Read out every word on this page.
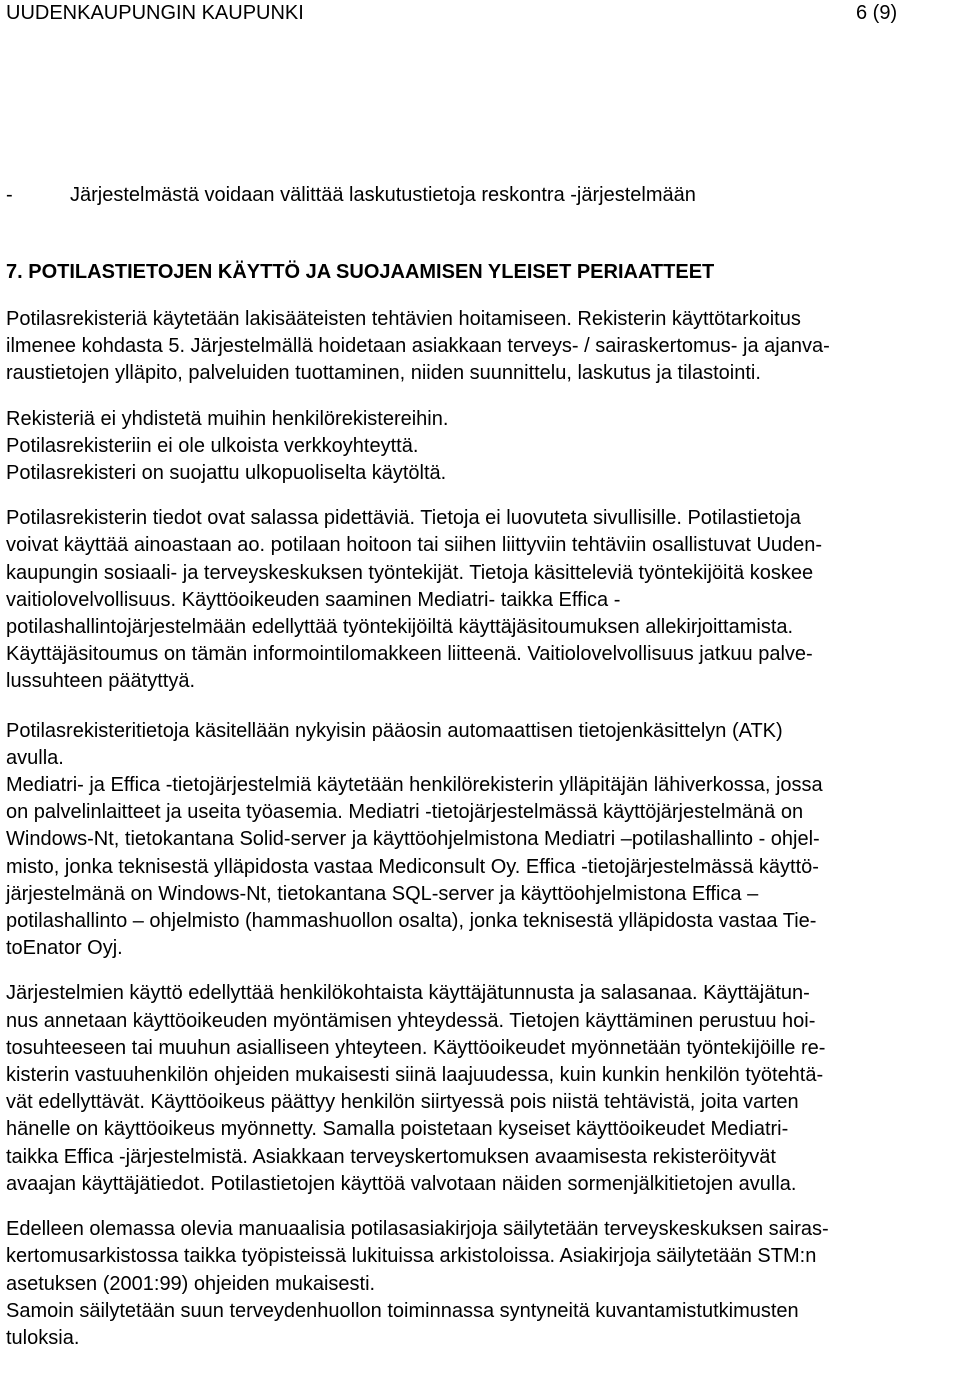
UUDENKAUPUNGIN KAUPUNKI	6 (9)
-	Järjestelmästä voidaan välittää laskutustietoja reskontra -järjestelmään
7. POTILASTIETOJEN KÄYTTÖ JA SUOJAAMISEN YLEISET PERIAATTEET

Potilasrekisteriä käytetään lakisääteisten tehtävien hoitamiseen. Rekisterin käyttötarkoitus
ilmenee kohdasta 5. Järjestelmällä hoidetaan asiakkaan terveys- / sairaskertomus- ja ajanva-
raustietojen ylläpito, palveluiden tuottaminen, niiden suunnittelu, laskutus ja tilastointi.

Rekisteriä ei yhdistetä muihin henkilörekistereihin.
Potilasrekisteriin ei ole ulkoista verkkoyhteyttä.
Potilasrekisteri on suojattu ulkopuoliselta käytöltä.

Potilasrekisterin tiedot ovat salassa pidettäviä. Tietoja ei luovuteta sivullisille. Potilastietoja
voivat käyttää ainoastaan ao. potilaan hoitoon tai siihen liittyviin tehtäviin osallistuvat Uuden-
kaupungin sosiaali- ja terveyskeskuksen työntekijät. Tietoja käsitteleviä työntekijöitä koskee
vaitiolovelvollisuus. Käyttöoikeuden saaminen Mediatri- taikka Effica -
potilashallintojärjestelmään edellyttää työntekijöiltä käyttäjäsitoumuksen allekirjoittamista.
Käyttäjäsitoumus on tämän informointilomakkeen liitteenä. Vaitiolovelvollisuus jatkuu palve-
lussuhteen päätyttyä.

Potilasrekisteritietoja käsitellään nykyisin pääosin automaattisen tietojenkäsittelyn (ATK)
avulla.
Mediatri- ja Effica -tietojärjestelmiä käytetään henkilörekisterin ylläpitäjän lähiverkossa, jossa
on palvelinlaitteet ja useita työasemia. Mediatri -tietojärjestelmässä käyttöjärjestelmänä on
Windows-Nt, tietokantana Solid-server ja käyttöohjelmistona Mediatri –potilashallinto - ohjel-
misto, jonka teknisestä ylläpidosta vastaa Mediconsult Oy. Effica -tietojärjestelmässä käyttö-
järjestelmänä on Windows-Nt, tietokantana SQL-server ja käyttöohjelmistona Effica –
potilashallinto – ohjelmisto (hammashuollon osalta), jonka teknisestä ylläpidosta vastaa Tie-
toEnator Oyj.

Järjestelmien käyttö edellyttää henkilökohtaista käyttäjätunnusta ja salasanaa. Käyttäjätun-
nus annetaan käyttöoikeuden myöntämisen yhteydessä. Tietojen käyttäminen perustuu hoi-
tosuhteeseen tai muuhun asialliseen yhteyteen. Käyttöoikeudet myönnetään työntekijöille re-
kisterin vastuuhenkilön ohjeiden mukaisesti siinä laajuudessa, kuin kunkin henkilön työtehtä-
vät edellyttävät. Käyttöoikeus päättyy henkilön siirtyessä pois niistä tehtävistä, joita varten
hänelle on käyttöoikeus myönnetty. Samalla poistetaan kyseiset käyttöoikeudet Mediatri-
taikka Effica -järjestelmistä. Asiakkaan terveyskertomuksen avaamisesta rekisteröityvät
avaajan käyttäjätiedot. Potilastietojen käyttöä valvotaan näiden sormenjälkitietojen avulla.

Edelleen olemassa olevia manuaalisia potilasasiakirjoja säilytetään terveyskeskuksen sairas-
kertomusarkistossa taikka työpisteissä lukituissa arkistoloissa. Asiakirjoja säilytetään STM:n
asetuksen (2001:99) ohjeiden mukaisesti.
Samoin säilytetään suun terveydenhuollon toiminnassa syntyneitä kuvantamistutkimusten
tuloksia.
